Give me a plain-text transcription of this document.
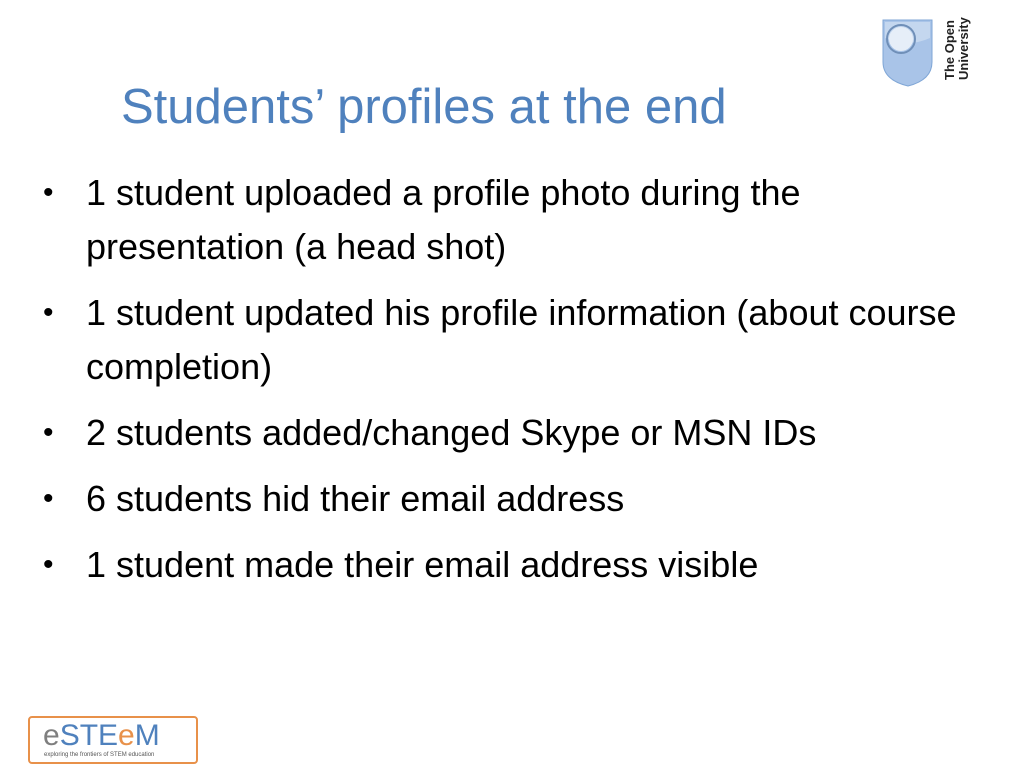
The Open University
Students’ profiles at the end
• 1 student uploaded a profile photo during the presentation (a head shot)
• 1 student updated his profile information (about course completion)
• 2 students added/changed Skype or MSN IDs
• 6 students hid their email address
• 1 student made their email address visible
eSTEeM
exploring the frontiers of STEM education
